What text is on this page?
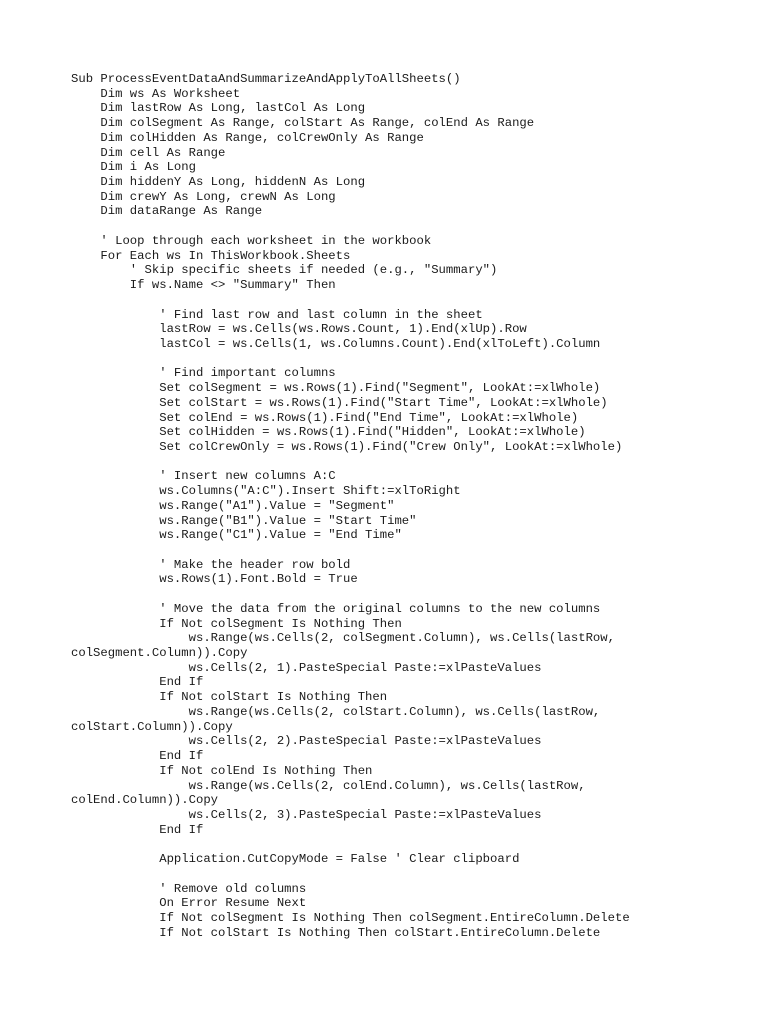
Sub ProcessEventDataAndSummarizeAndApplyToAllSheets()
Dim ws As Worksheet
Dim lastRow As Long, lastCol As Long
Dim colSegment As Range, colStart As Range, colEnd As Range
Dim colHidden As Range, colCrewOnly As Range
Dim cell As Range
Dim i As Long
Dim hiddenY As Long, hiddenN As Long
Dim crewY As Long, crewN As Long
Dim dataRange As Range
' Loop through each worksheet in the workbook
For Each ws In ThisWorkbook.Sheets
' Skip specific sheets if needed (e.g., "Summary")
If ws.Name <> "Summary" Then
' Find last row and last column in the sheet
lastRow = ws.Cells(ws.Rows.Count, 1).End(xlUp).Row
lastCol = ws.Cells(1, ws.Columns.Count).End(xlToLeft).Column
' Find important columns
Set colSegment = ws.Rows(1).Find("Segment", LookAt:=xlWhole)
Set colStart = ws.Rows(1).Find("Start Time", LookAt:=xlWhole)
Set colEnd = ws.Rows(1).Find("End Time", LookAt:=xlWhole)
Set colHidden = ws.Rows(1).Find("Hidden", LookAt:=xlWhole)
Set colCrewOnly = ws.Rows(1).Find("Crew Only", LookAt:=xlWhole)
' Insert new columns A:C
ws.Columns("A:C").Insert Shift:=xlToRight
ws.Range("A1").Value = "Segment"
ws.Range("B1").Value = "Start Time"
ws.Range("C1").Value = "End Time"
' Make the header row bold
ws.Rows(1).Font.Bold = True
' Move the data from the original columns to the new columns
If Not colSegment Is Nothing Then
ws.Range(ws.Cells(2, colSegment.Column), ws.Cells(lastRow,
colSegment.Column)).Copy
ws.Cells(2, 1).PasteSpecial Paste:=xlPasteValues
End If
If Not colStart Is Nothing Then
ws.Range(ws.Cells(2, colStart.Column), ws.Cells(lastRow,
colStart.Column)).Copy
ws.Cells(2, 2).PasteSpecial Paste:=xlPasteValues
End If
If Not colEnd Is Nothing Then
ws.Range(ws.Cells(2, colEnd.Column), ws.Cells(lastRow,
colEnd.Column)).Copy
ws.Cells(2, 3).PasteSpecial Paste:=xlPasteValues
End If
Application.CutCopyMode = False ' Clear clipboard
' Remove old columns
On Error Resume Next
If Not colSegment Is Nothing Then colSegment.EntireColumn.Delete
If Not colStart Is Nothing Then colStart.EntireColumn.Delete
